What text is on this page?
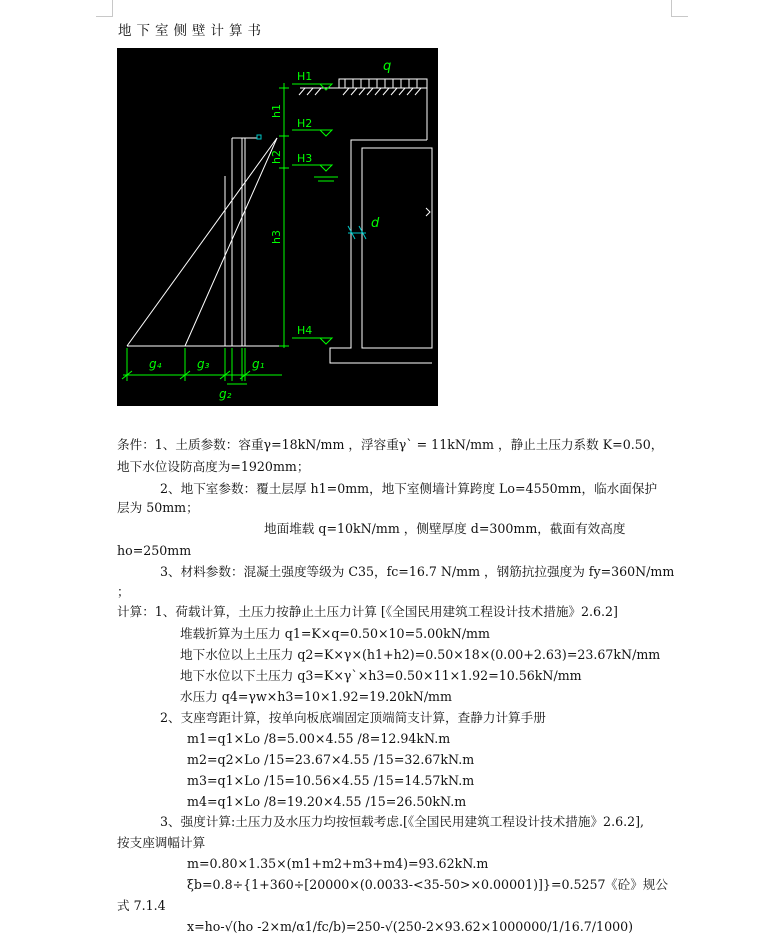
地下室侧壁计算书
q
H1
H2
H3
H4
h1
h2
h3
d
g₄	g₃	g₁
g₂
条件：1、土质参数：容重γ=18kN/mm ，浮容重γ` = 11kN/mm ，静止土压力系数 K=0.50，
地下水位设防高度为=1920mm；
2、地下室参数：覆土层厚 h1=0mm，地下室侧墙计算跨度 Lo=4550mm，临水面保护
层为 50mm；
地面堆载 q=10kN/mm ，侧壁厚度 d=300mm，截面有效高度
ho=250mm
3、材料参数：混凝土强度等级为 C35，fc=16.7 N/mm ，钢筋抗拉强度为 fy=360N/mm
；
计算：1、荷载计算，土压力按静止土压力计算 [《全国民用建筑工程设计技术措施》2.6.2]
堆载折算为土压力 q1=K×q=0.50×10=5.00kN/mm
地下水位以上土压力 q2=K×γ×(h1+h2)=0.50×18×(0.00+2.63)=23.67kN/mm
地下水位以下土压力 q3=K×γ`×h3=0.50×11×1.92=10.56kN/mm
水压力 q4=γw×h3=10×1.92=19.20kN/mm
2、支座弯距计算，按单向板底端固定顶端简支计算，查静力计算手册
m1=q1×Lo /8=5.00×4.55 /8=12.94kN.m
m2=q2×Lo /15=23.67×4.55 /15=32.67kN.m
m3=q1×Lo /15=10.56×4.55 /15=14.57kN.m
m4=q1×Lo /8=19.20×4.55 /15=26.50kN.m
3、强度计算:土压力及水压力均按恒载考虑.[《全国民用建筑工程设计技术措施》2.6.2],
按支座调幅计算
m=0.80×1.35×(m1+m2+m3+m4)=93.62kN.m
ξb=0.8÷{1+360÷[20000×(0.0033-<35-50>×0.00001)]}=0.5257 《砼》规公
式 7.1.4
x=ho-√(ho -2×m/α1/fc/b)=250-√(250-2×93.62×1000000/1/16.7/1000)
